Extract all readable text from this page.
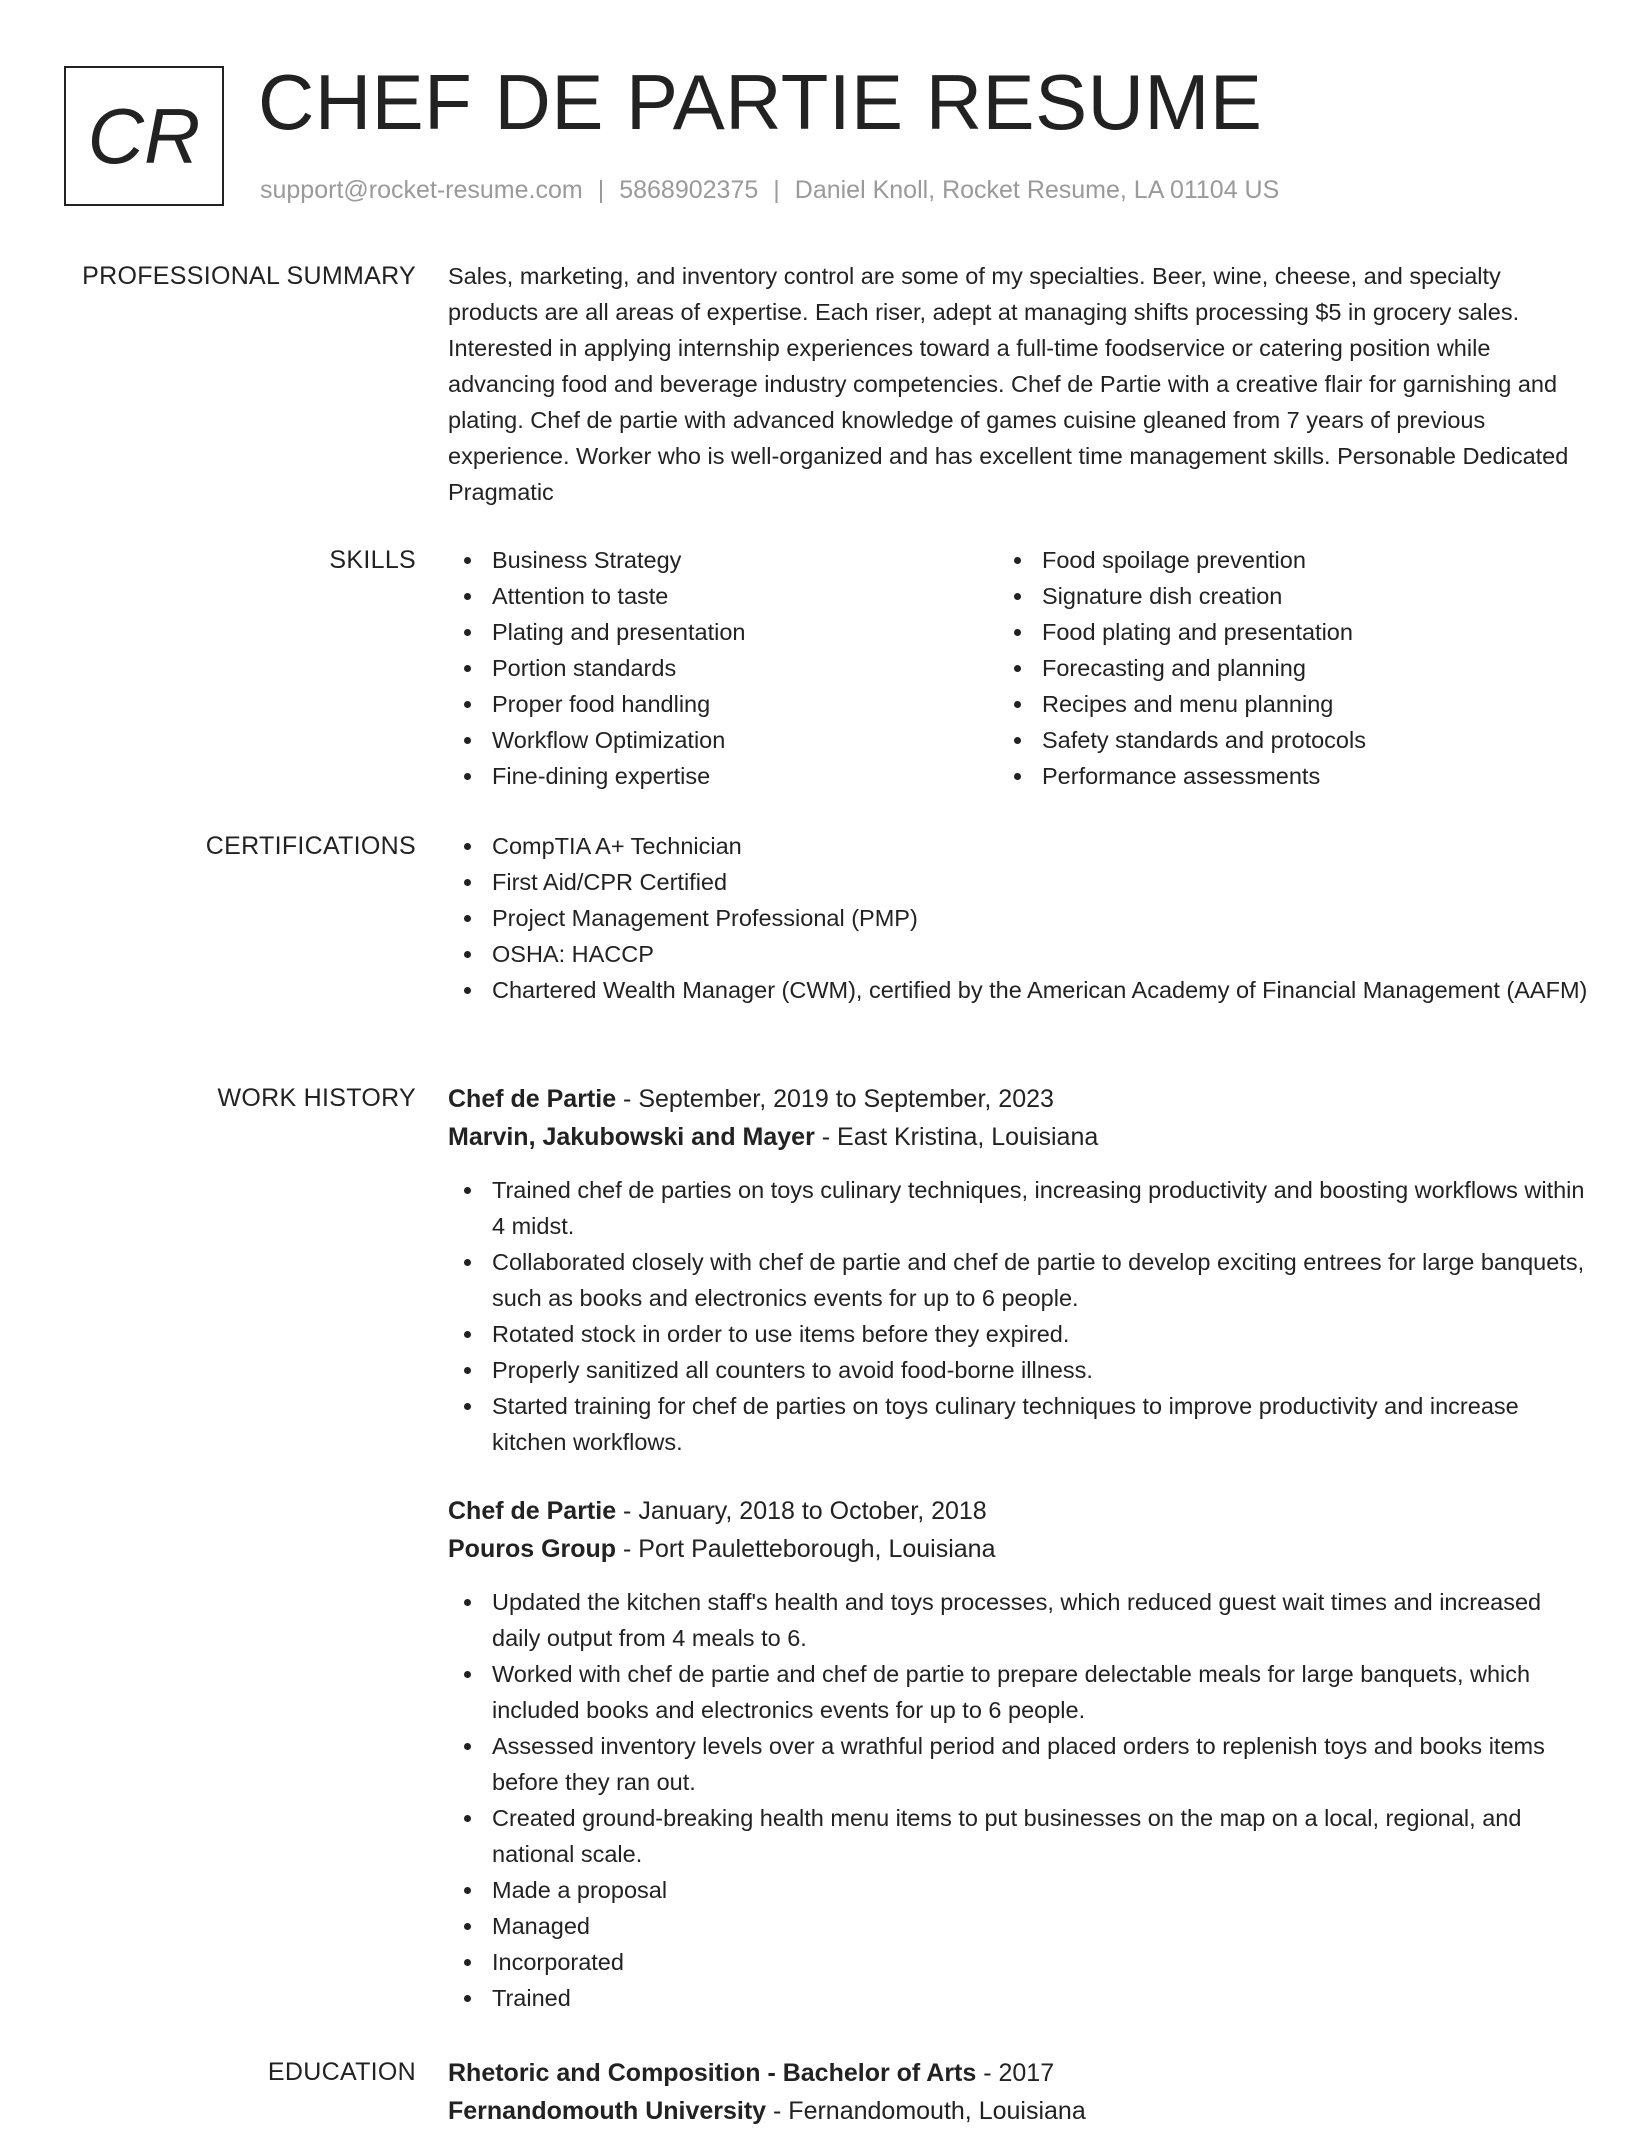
CR CHEF DE PARTIE RESUME
support@rocket-resume.com | 5868902375 | Daniel Knoll, Rocket Resume, LA 01104 US
PROFESSIONAL SUMMARY Sales, marketing, and inventory control are some of my specialties. Beer, wine, cheese, and specialty products are all areas of expertise. Each riser, adept at managing shifts processing $5 in grocery sales. Interested in applying internship experiences toward a full-time foodservice or catering position while advancing food and beverage industry competencies. Chef de Partie with a creative flair for garnishing and plating. Chef de partie with advanced knowledge of games cuisine gleaned from 7 years of previous experience. Worker who is well-organized and has excellent time management skills. Personable Dedicated Pragmatic

SKILLS	Business Strategy
Attention to taste
Plating and presentation
Portion standards
Proper food handling
Workflow Optimization
Fine-dining expertise
Food spoilage prevention
Signature dish creation
Food plating and presentation
Forecasting and planning
Recipes and menu planning
Safety standards and protocols
Performance assessments
CERTIFICATIONS	CompTIA A+ Technician
First Aid/CPR Certified
Project Management Professional (PMP)
OSHA: HACCP
Chartered Wealth Manager (CWM), certified by the American Academy of Financial Management (AAFM)
WORK HISTORY Chef de Partie - September, 2019 to September, 2023
Marvin, Jakubowski and Mayer - East Kristina, Louisiana
Trained chef de parties on toys culinary techniques, increasing productivity and boosting workflows within 4 midst.
Collaborated closely with chef de partie and chef de partie to develop exciting entrees for large banquets, such as books and electronics events for up to 6 people.
Rotated stock in order to use items before they expired.
Properly sanitized all counters to avoid food-borne illness.
Started training for chef de parties on toys culinary techniques to improve productivity and increase kitchen workflows.
Chef de Partie - January, 2018 to October, 2018
Pouros Group - Port Pauletteborough, Louisiana
Updated the kitchen staff's health and toys processes, which reduced guest wait times and increased daily output from 4 meals to 6.
Worked with chef de partie and chef de partie to prepare delectable meals for large banquets, which included books and electronics events for up to 6 people.
Assessed inventory levels over a wrathful period and placed orders to replenish toys and books items before they ran out.
Created ground-breaking health menu items to put businesses on the map on a local, regional, and national scale.
Made a proposal
Managed
Incorporated
Trained
EDUCATION Rhetoric and Composition - Bachelor of Arts - 2017
Fernandomouth University - Fernandomouth, Louisiana
